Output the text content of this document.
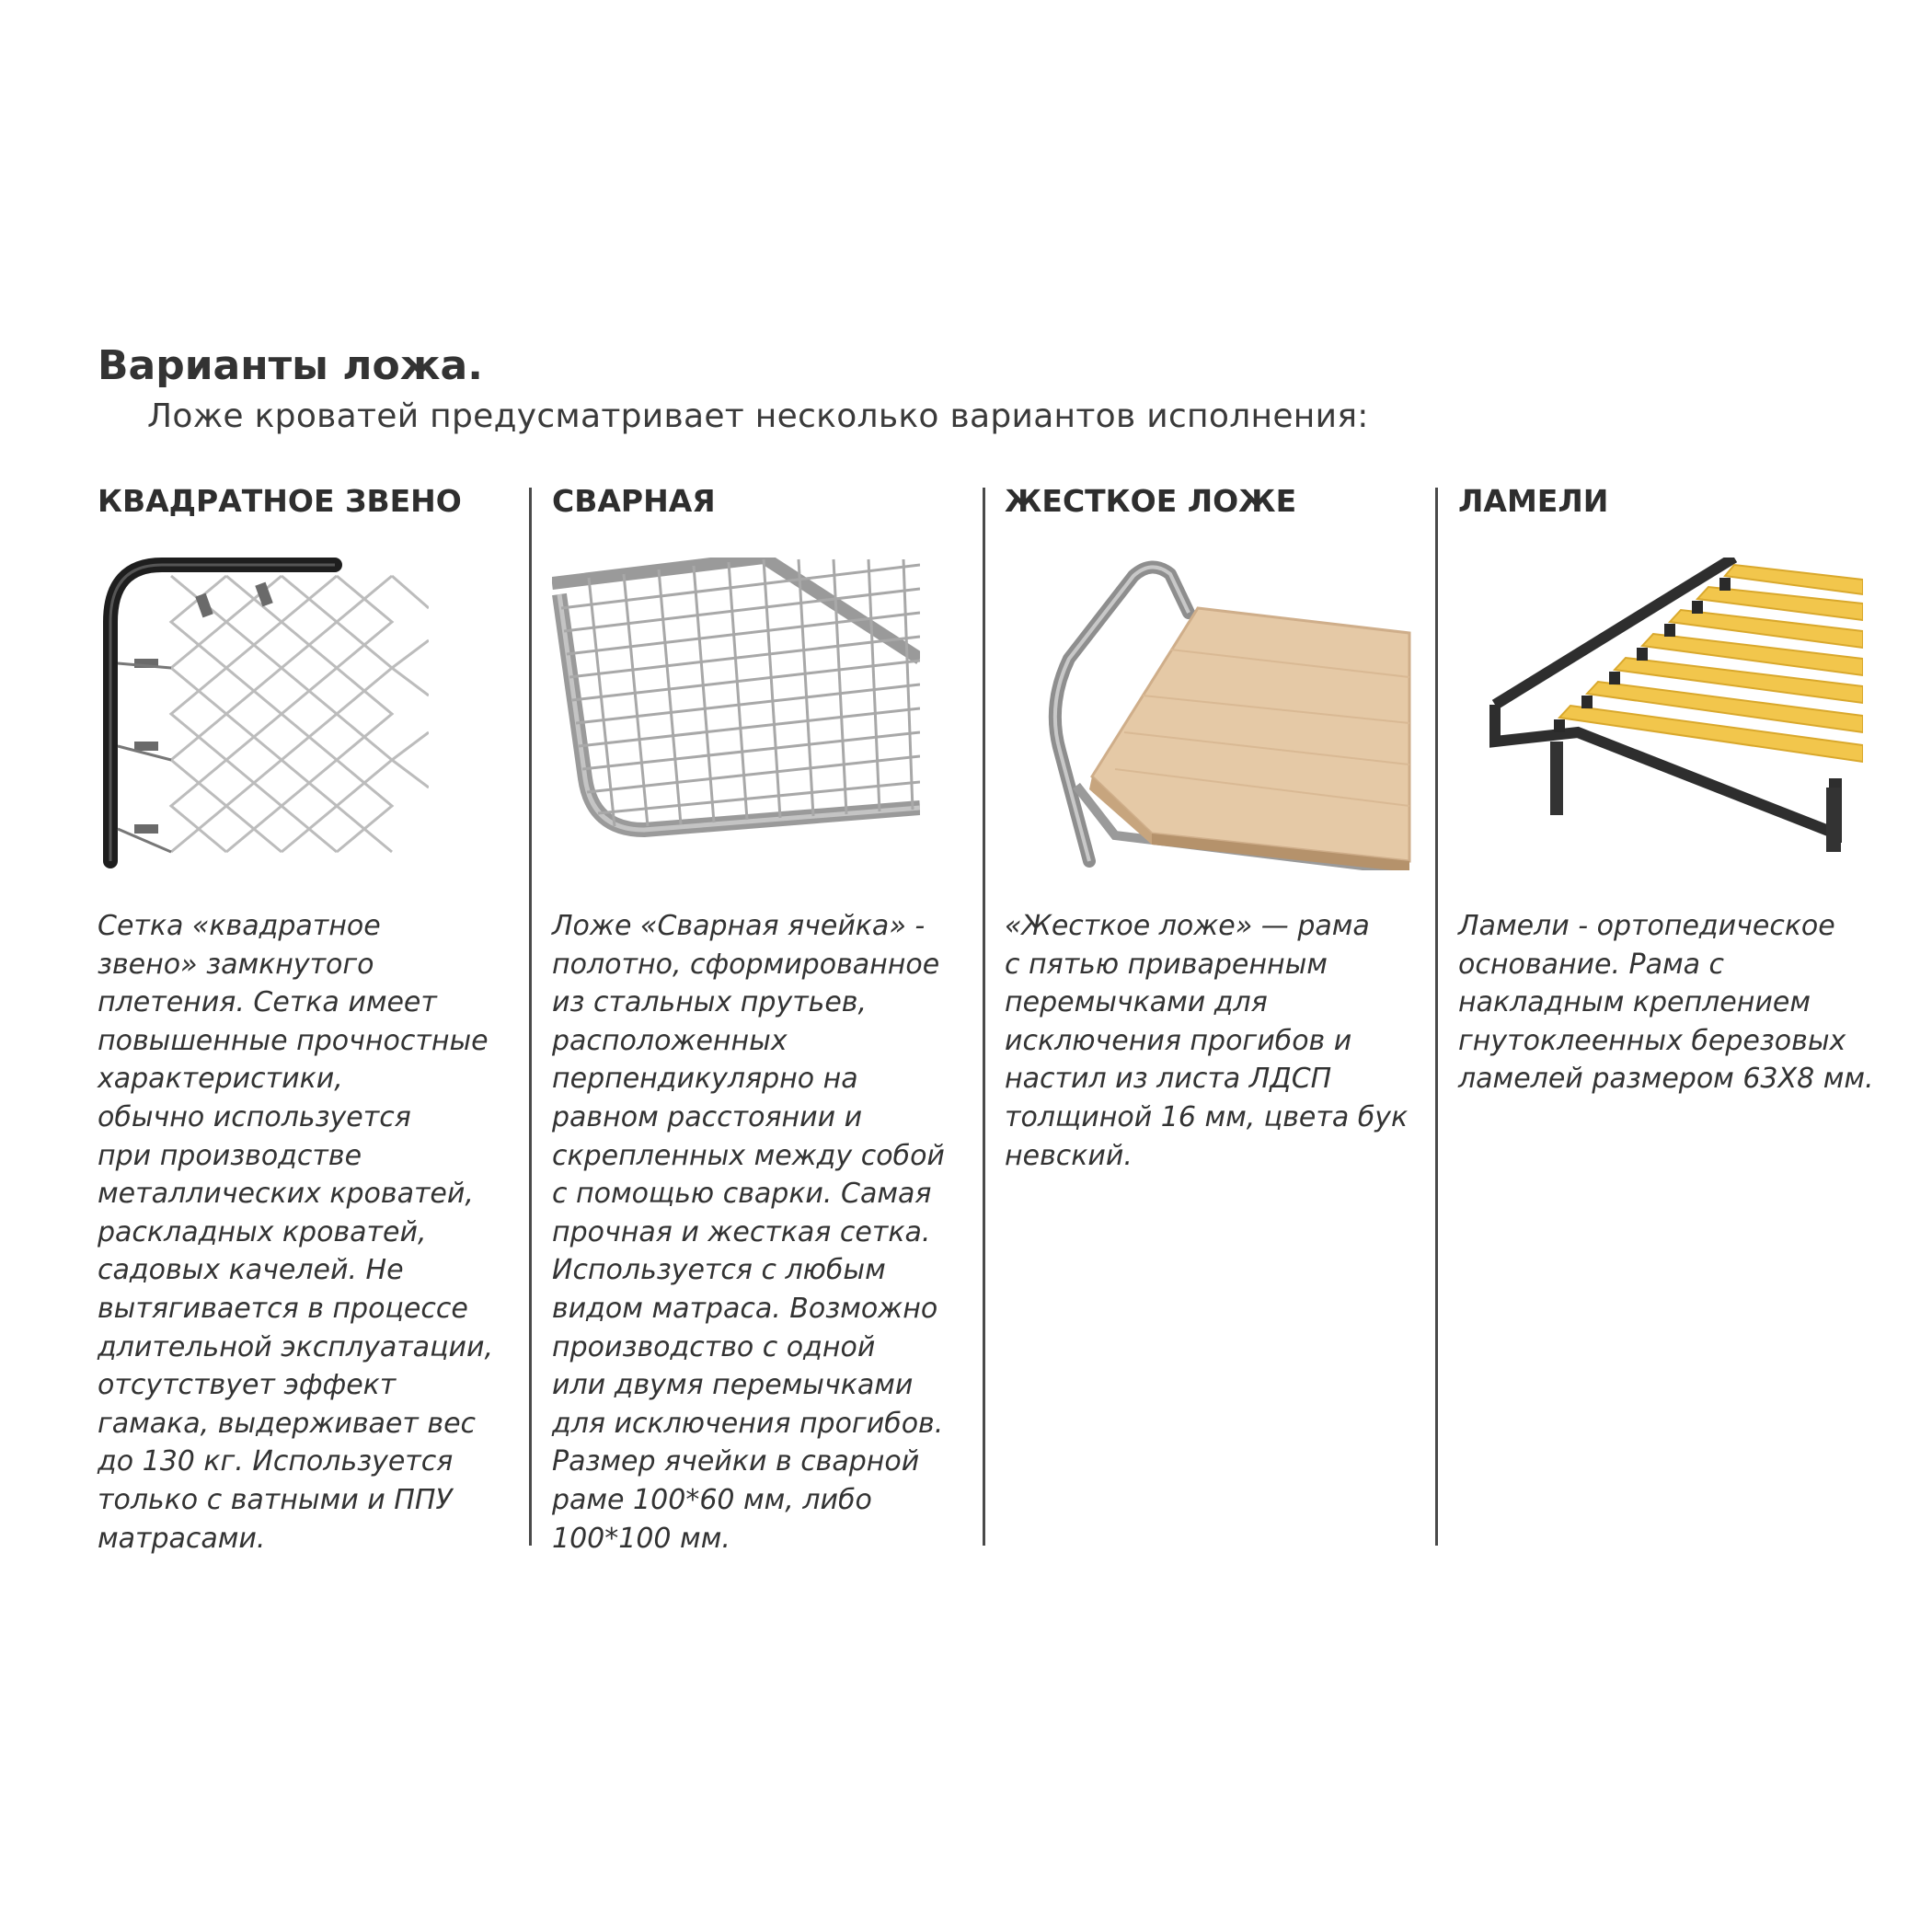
Варианты ложа.
Ложе кроватей предусматривает несколько вариантов исполнения:
КВАДРАТНОЕ ЗВЕНО
Сетка «квадратное
звено» замкнутого
плетения. Сетка имеет
повышенные прочностные
характеристики,
обычно используется
при производстве
металлических кроватей,
раскладных кроватей,
садовых качелей. Не
вытягивается в процессе
длительной эксплуатации,
отсутствует эффект
гамака, выдерживает вес
до 130 кг. Используется
только с ватными и ППУ
матрасами.
СВАРНАЯ
Ложе «Сварная ячейка» -
полотно, сформированное
из стальных прутьев,
расположенных
перпендикулярно на
равном расстоянии и
скрепленных между собой
с помощью сварки. Самая
прочная и жесткая сетка.
Используется с любым
видом матраса. Возможно
производство с одной
или двумя перемычками
для исключения прогибов.
Размер ячейки в сварной
раме 100*60 мм, либо
100*100 мм.
ЖЕСТКОЕ ЛОЖЕ
«Жесткое ложе» — рама
с пятью приваренным
перемычками для
исключения прогибов и
настил из листа ЛДСП
толщиной 16 мм, цвета бук
невский.
ЛАМЕЛИ
Ламели - ортопедическое
основание. Рама с
накладным креплением
гнутоклеенных березовых
ламелей размером 63Х8 мм.
